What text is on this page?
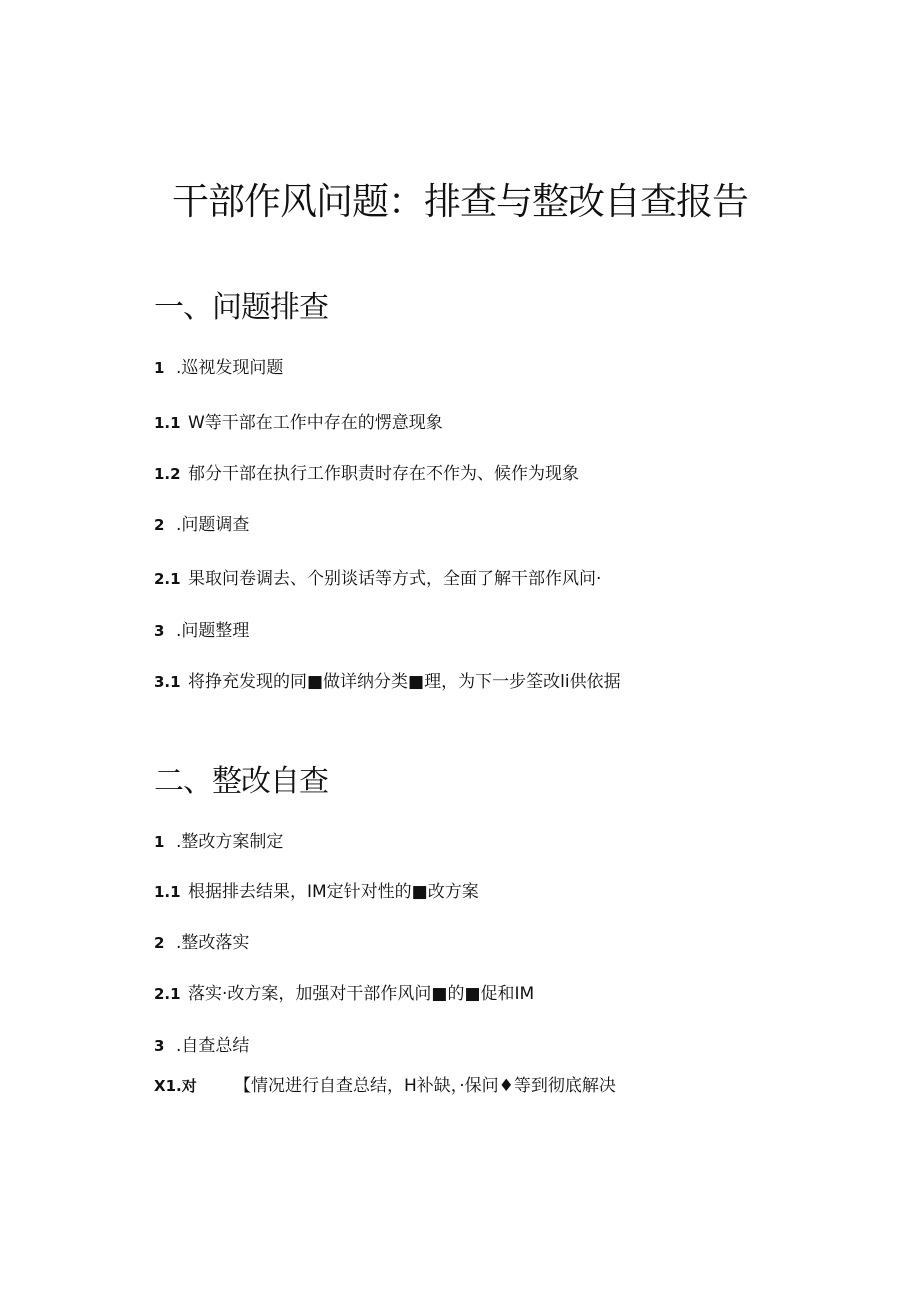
干部作风问题：排查与整改自查报告
一、问题排查
1 .巡视发现问题
1.1 W等干部在工作中存在的愣意现象
1.2 郁分干部在执行工作职责时存在不作为、候作为现象
2 .问题调查
2.1 果取问卷调去、个别谈话等方式，全面了解干部作风问·
3 .问题整理
3.1 将挣充发现的同■做详纳分类■理，为下一步筌改li供依据
二、整改自查
1 .整改方案制定
1.1 根据排去结果，IM定针对性的■改方案
2 .整改落实
2.1 落实·改方案，加强对干部作风问■的■促和IM
3 .自查总结
X1.对 【情况进行自查总结，H补缺，·保问♦等到彻底解决
